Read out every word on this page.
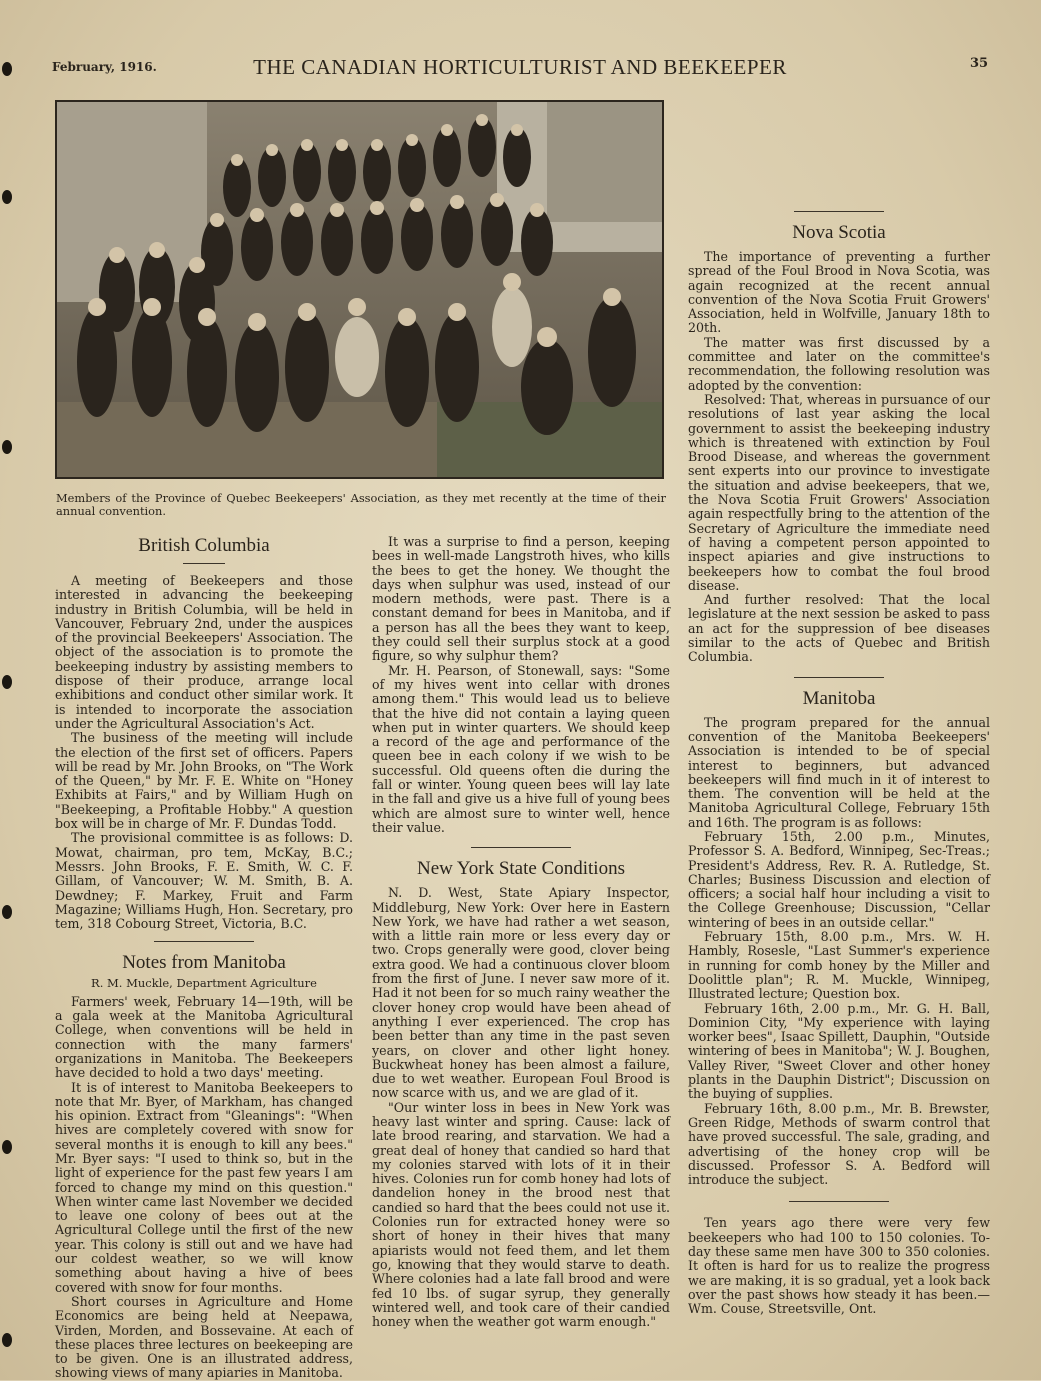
February, 1916.	THE CANADIAN HORTICULTURIST AND BEEKEEPER	35
Members of the Province of Quebec Beekeepers' Association, as they met recently at the time of their annual convention.
British Columbia

A meeting of Beekeepers and those interested in advancing the beekeeping industry in British Columbia, will be held in Vancouver, February 2nd, under the auspices of the provincial Beekeepers' Association. The object of the association is to promote the beekeeping industry by assisting members to dispose of their produce, arrange local exhibitions and conduct other similar work. It is intended to incorporate the association under the Agricultural Association's Act.

The business of the meeting will include the election of the first set of officers. Papers will be read by Mr. John Brooks, on "The Work of the Queen," by Mr. F. E. White on "Honey Exhibits at Fairs," and by William Hugh on "Beekeeping, a Profitable Hobby." A question box will be in charge of Mr. F. Dundas Todd.

The provisional committee is as follows: D. Mowat, chairman, pro tem, McKay, B.C.; Messrs. John Brooks, F. E. Smith, W. C. F. Gillam, of Vancouver; W. M. Smith, B. A. Dewdney; F. Markey, Fruit and Farm Magazine; Williams Hugh, Hon. Secretary, pro tem, 318 Cobourg Street, Victoria, B.C.

Notes from Manitoba

R. M. Muckle, Department Agriculture

Farmers' week, February 14—19th, will be a gala week at the Manitoba Agricultural College, when conventions will be held in connection with the many farmers' organizations in Manitoba. The Beekeepers have decided to hold a two days' meeting.

It is of interest to Manitoba Beekeepers to note that Mr. Byer, of Markham, has changed his opinion. Extract from "Gleanings": "When hives are completely covered with snow for several months it is enough to kill any bees." Mr. Byer says: "I used to think so, but in the light of experience for the past few years I am forced to change my mind on this question." When winter came last November we decided to leave one colony of bees out at the Agricultural College until the first of the new year. This colony is still out and we have had our coldest weather, so we will know something about having a hive of bees covered with snow for four months.

Short courses in Agriculture and Home Economics are being held at Neepawa, Virden, Morden, and Bossevaine. At each of these places three lectures on beekeeping are to be given. One is an illustrated address, showing views of many apiaries in Manitoba.

It was a surprise to find a person, keeping bees in well-made Langstroth hives, who kills the bees to get the honey. We thought the days when sulphur was used, instead of our modern methods, were past. There is a constant demand for bees in Manitoba, and if a person has all the bees they want to keep, they could sell their surplus stock at a good figure, so why sulphur them?

Mr. H. Pearson, of Stonewall, says: "Some of my hives went into cellar with drones among them." This would lead us to believe that the hive did not contain a laying queen when put in winter quarters. We should keep a record of the age and performance of the queen bee in each colony if we wish to be successful. Old queens often die during the fall or winter. Young queen bees will lay late in the fall and give us a hive full of young bees which are almost sure to winter well, hence their value.

New York State Conditions

N. D. West, State Apiary Inspector, Middleburg, New York: Over here in Eastern New York, we have had rather a wet season, with a little rain more or less every day or two. Crops generally were good, clover being extra good. We had a continuous clover bloom from the first of June. I never saw more of it. Had it not been for so much rainy weather the clover honey crop would have been ahead of anything I ever experienced. The crop has been better than any time in the past seven years, on clover and other light honey. Buckwheat honey has been almost a failure, due to wet weather. European Foul Brood is now scarce with us, and we are glad of it.

"Our winter loss in bees in New York was heavy last winter and spring. Cause: lack of late brood rearing, and starvation. We had a great deal of honey that candied so hard that my colonies starved with lots of it in their hives. Colonies run for comb honey had lots of dandelion honey in the brood nest that candied so hard that the bees could not use it. Colonies run for extracted honey were so short of honey in their hives that many apiarists would not feed them, and let them go, knowing that they would starve to death. Where colonies had a late fall brood and were fed 10 lbs. of sugar syrup, they generally wintered well, and took care of their candied honey when the weather got warm enough."

Nova Scotia

The importance of preventing a further spread of the Foul Brood in Nova Scotia, was again recognized at the recent annual convention of the Nova Scotia Fruit Growers' Association, held in Wolfville, January 18th to 20th.

The matter was first discussed by a committee and later on the committee's recommendation, the following resolution was adopted by the convention:

Resolved: That, whereas in pursuance of our resolutions of last year asking the local government to assist the beekeeping industry which is threatened with extinction by Foul Brood Disease, and whereas the government sent experts into our province to investigate the situation and advise beekeepers, that we, the Nova Scotia Fruit Growers' Association again respectfully bring to the attention of the Secretary of Agriculture the immediate need of having a competent person appointed to inspect apiaries and give instructions to beekeepers how to combat the foul brood disease.

And further resolved: That the local legislature at the next session be asked to pass an act for the suppression of bee diseases similar to the acts of Quebec and British Columbia.

Manitoba

The program prepared for the annual convention of the Manitoba Beekeepers' Association is intended to be of special interest to beginners, but advanced beekeepers will find much in it of interest to them. The convention will be held at the Manitoba Agricultural College, February 15th and 16th. The program is as follows:

February 15th, 2.00 p.m., Minutes, Professor S. A. Bedford, Winnipeg, Sec-Treas.; President's Address, Rev. R. A. Rutledge, St. Charles; Business Discussion and election of officers; a social half hour including a visit to the College Greenhouse; Discussion, "Cellar wintering of bees in an outside cellar."

February 15th, 8.00 p.m., Mrs. W. H. Hambly, Rosesle, "Last Summer's experience in running for comb honey by the Miller and Doolittle plan"; R. M. Muckle, Winnipeg, Illustrated lecture; Question box.

February 16th, 2.00 p.m., Mr. G. H. Ball, Dominion City, "My experience with laying worker bees", Isaac Spillett, Dauphin, "Outside wintering of bees in Manitoba"; W. J. Boughen, Valley River, "Sweet Clover and other honey plants in the Dauphin District"; Discussion on the buying of supplies.

February 16th, 8.00 p.m., Mr. B. Brewster, Green Ridge, Methods of swarm control that have proved successful. The sale, grading, and advertising of the honey crop will be discussed. Professor S. A. Bedford will introduce the subject.

Ten years ago there were very few beekeepers who had 100 to 150 colonies. To-day these same men have 300 to 350 colonies. It often is hard for us to realize the progress we are making, it is so gradual, yet a look back over the past shows how steady it has been.—Wm. Couse, Streetsville, Ont.
